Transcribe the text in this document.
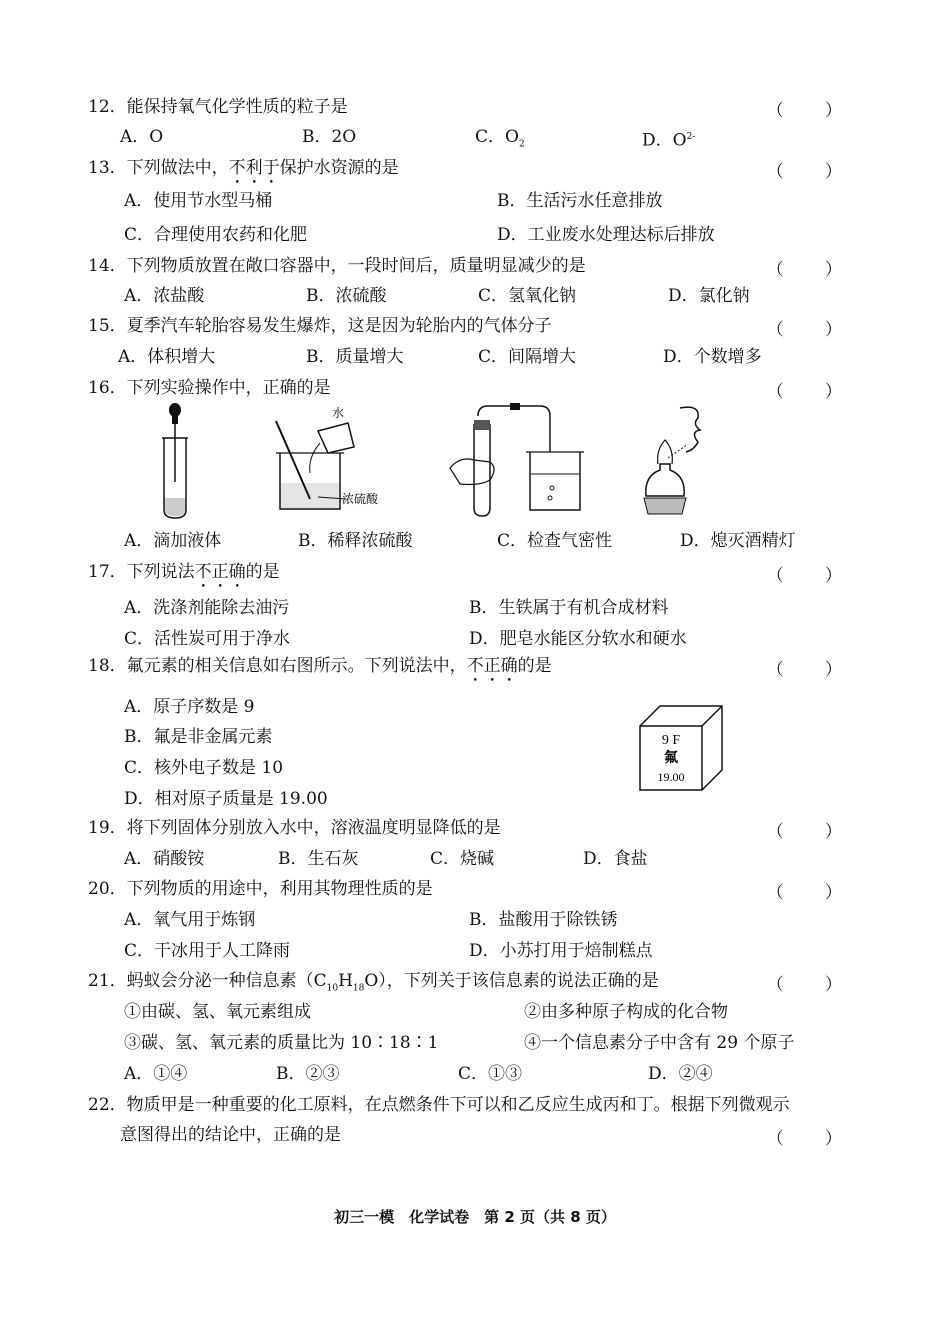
12．能保持氧气化学性质的粒子是	（ ）
A．O	B．2O	C．$O_2$	D．$O^{2-}$
13．下列做法中，不利于保护水资源的是	（ ）
A．使用节水型马桶	B．生活污水任意排放
C．合理使用农药和化肥	D．工业废水处理达标后排放
14．下列物质放置在敞口容器中，一段时间后，质量明显减少的是	（ ）
A．浓盐酸	B．浓硫酸	C．氢氧化钠	D．氯化钠
15．夏季汽车轮胎容易发生爆炸，这是因为轮胎内的气体分子	（ ）
A．体积增大	B．质量增大	C．间隔增大	D．个数增多
16．下列实验操作中，正确的是	（ ）
水
浓硫酸
A．滴加液体	B．稀释浓硫酸	C．检查气密性	D．熄灭酒精灯
17．下列说法不正确的是	（ ）
A．洗涤剂能除去油污	B．生铁属于有机合成材料
C．活性炭可用于净水	D．肥皂水能区分软水和硬水
18．氟元素的相关信息如右图所示。下列说法中，不正确的是	（ ）
A．原子序数是 9
B．氟是非金属元素
C．核外电子数是 10
D．相对原子质量是 19.00
9 F
氟
19.00
19．将下列固体分别放入水中，溶液温度明显降低的是	（ ）
A．硝酸铵	B．生石灰	C．烧碱	D．食盐
20．下列物质的用途中，利用其物理性质的是	（ ）
A．氧气用于炼钢	B．盐酸用于除铁锈
C．干冰用于人工降雨	D．小苏打用于焙制糕点
21．蚂蚁会分泌一种信息素$(C_{10}H_{18}O)$，下列关于该信息素的说法正确的是	（ ）
①由碳、氢、氧元素组成	②由多种原子构成的化合物
③碳、氢、氧元素的质量比为 10∶18∶1	④一个信息素分子中含有 29 个原子
A．①④	B．②③	C．①③	D．②④
22．物质甲是一种重要的化工原料，在点燃条件下可以和乙反应生成丙和丁。根据下列微观示
意图得出的结论中，正确的是	（ ）
初三一模　化学试卷　第 2 页（共 8 页）
